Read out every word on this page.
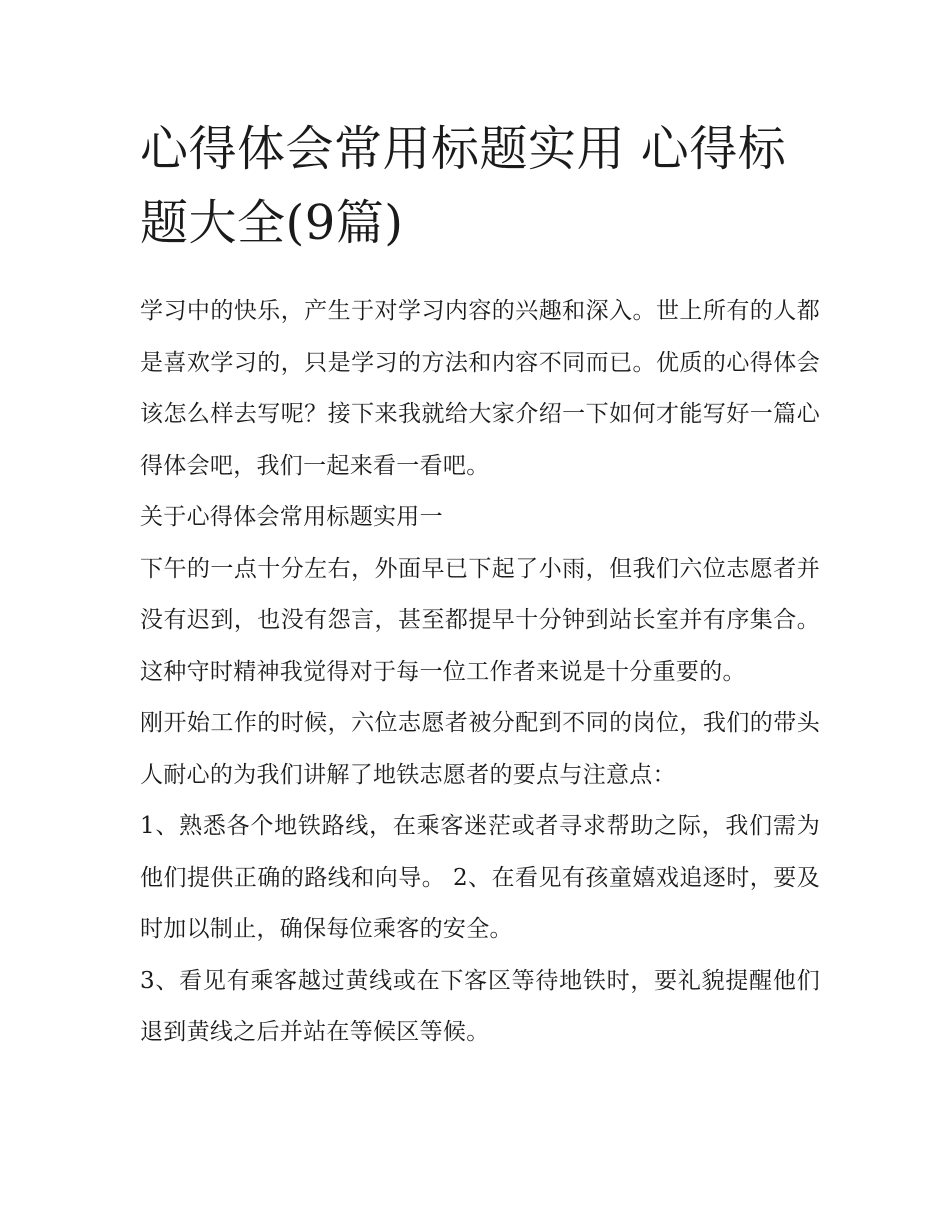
心得体会常用标题实用 心得标题大全(9篇)

学习中的快乐，产生于对学习内容的兴趣和深入。世上所有的人都是喜欢学习的，只是学习的方法和内容不同而已。优质的心得体会该怎么样去写呢？接下来我就给大家介绍一下如何才能写好一篇心得体会吧，我们一起来看一看吧。

关于心得体会常用标题实用一

下午的一点十分左右，外面早已下起了小雨，但我们六位志愿者并没有迟到，也没有怨言，甚至都提早十分钟到站长室并有序集合。这种守时精神我觉得对于每一位工作者来说是十分重要的。

刚开始工作的时候，六位志愿者被分配到不同的岗位，我们的带头人耐心的为我们讲解了地铁志愿者的要点与注意点：

1、熟悉各个地铁路线，在乘客迷茫或者寻求帮助之际，我们需为他们提供正确的路线和向导。 2、在看见有孩童嬉戏追逐时，要及时加以制止，确保每位乘客的安全。

3、看见有乘客越过黄线或在下客区等待地铁时，要礼貌提醒他们退到黄线之后并站在等候区等候。
